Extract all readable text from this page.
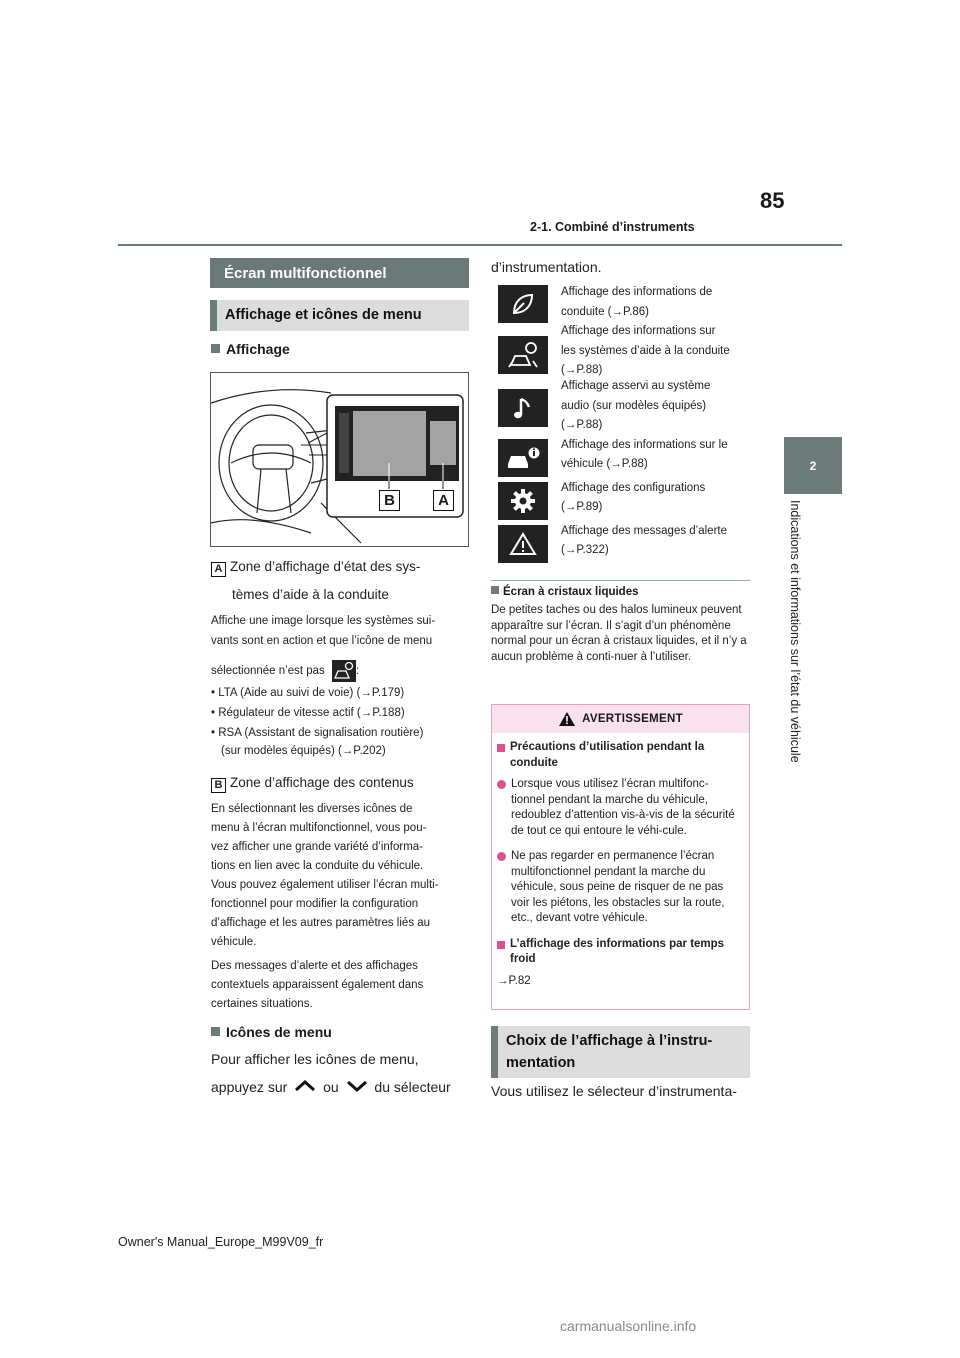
85
2-1. Combiné d’instruments
2
Indications et informations sur l’état du véhicule
Écran multifonctionnel
Affichage et icônes de menu
Affichage
B	A
A Zone d’affichage d’état des sys-
tèmes d’aide à la conduite
Affiche une image lorsque les systèmes sui-
vants sont en action et que l’icône de menu
sélectionnée n’est pas	:
• LTA (Aide au suivi de voie) (→P.179)
• Régulateur de vitesse actif (→P.188)
• RSA (Assistant de signalisation routière)
(sur modèles équipés) (→P.202)
B Zone d’affichage des contenus
En sélectionnant les diverses icônes de
menu à l’écran multifonctionnel, vous pou-
vez afficher une grande variété d’informa-
tions en lien avec la conduite du véhicule.
Vous pouvez également utiliser l’écran multi-
fonctionnel pour modifier la configuration
d’affichage et les autres paramètres liés au
véhicule.
Des messages d’alerte et des affichages
contextuels apparaissent également dans
certaines situations.
Icônes de menu
Pour afficher les icônes de menu,
appuyez sur	ou	du sélecteur
d’instrumentation.
Affichage des informations de
conduite (→P.86)
Affichage des informations sur
les systèmes d’aide à la conduite
(→P.88)
Affichage asservi au système
audio (sur modèles équipés)
(→P.88)
Affichage des informations sur le
véhicule (→P.88)
Affichage des configurations
(→P.89)
Affichage des messages d’alerte
(→P.322)
Écran à cristaux liquides
De petites taches ou des halos lumineux peuvent apparaître sur l’écran. Il s’agit d’un phénomène normal pour un écran à cristaux liquides, et il n’y a aucun problème à conti-nuer à l’utiliser.
AVERTISSEMENT
Précautions d’utilisation pendant la conduite
Lorsque vous utilisez l’écran multifonc-tionnel pendant la marche du véhicule, redoublez d’attention vis-à-vis de la sécurité de tout ce qui entoure le véhi-cule.
Ne pas regarder en permanence l’écran multifonctionnel pendant la marche du véhicule, sous peine de risquer de ne pas voir les piétons, les obstacles sur la route, etc., devant votre véhicule.
L’affichage des informations par temps froid
→P.82
Choix de l’affichage à l’instru-
mentation
Vous utilisez le sélecteur d’instrumenta-
Owner's Manual_Europe_M99V09_fr
carmanualsonline.info
